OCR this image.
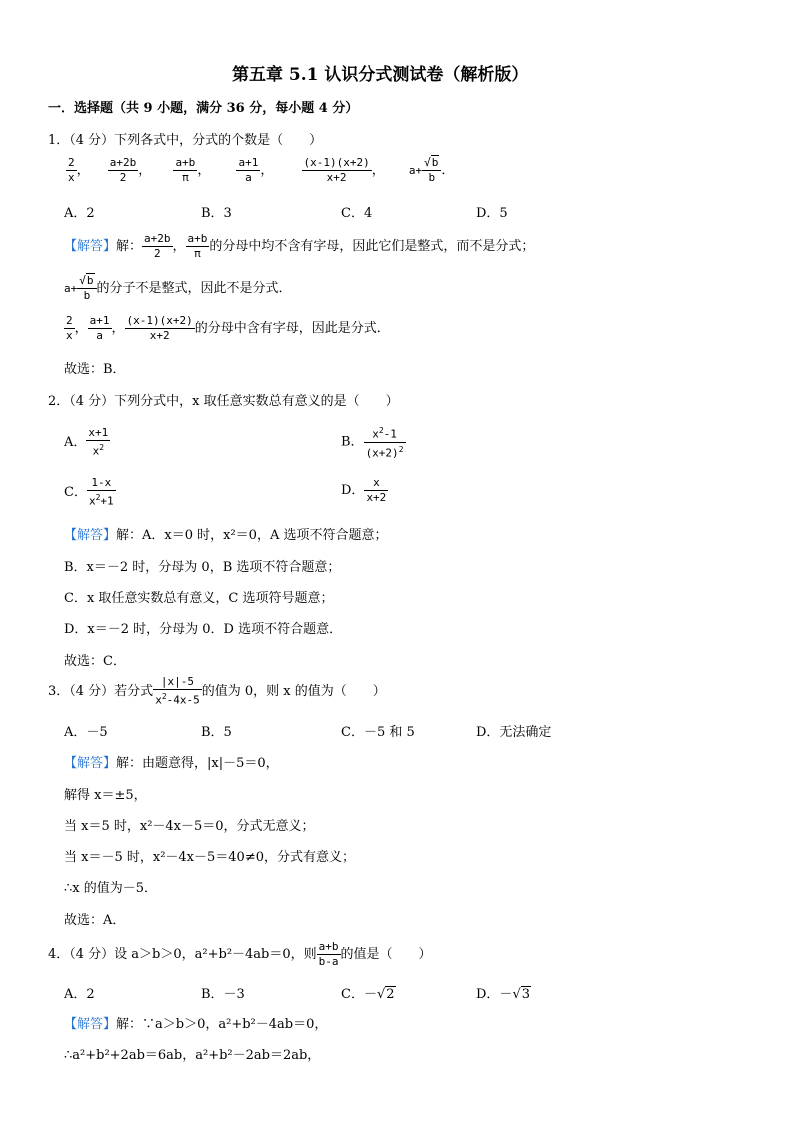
第五章 5.1 认识分式测试卷（解析版）
一．选择题（共 9 小题，满分 36 分，每小题 4 分）
1．（4 分）下列各式中，分式的个数是（　　）
$\frac{2}{x}$ ， $\frac{a+2b}{2}$ ， $\frac{a+b}{\pi}$ ， $\frac{a+1}{a}$ ，	$\frac{(x-1)(x+2)}{x+2}$ ， $a+ \frac{√b}{b}$ ．
A．2	B．3	C．4	D．5
【解答】解： $\frac{a+2b}{2}$ ， $\frac{a+b}{\pi}$ 的分母中均不含有字母，因此它们是整式，而不是分式；
$a+ \frac{√b}{b}$ 的分子不是整式，因此不是分式．
$\frac{2}{x}$ ， $\frac{a+1}{a}$ ， $\frac{(x-1)(x+2)}{x+2}$ 的分母中含有字母，因此是分式．
故选：B．
2．（4 分）下列分式中，x 取任意实数总有意义的是（　　）
A． $\frac{x+1}{x^2}$	B． $\frac{x^2-1}{(x+2)^2}$
C． $\frac{1-x}{x^2+1}$	D． $\frac{x}{x+2}$
【解答】解：A．x＝0 时，x²＝0，A 选项不符合题意；
B．x＝－2 时，分母为 0，B 选项不符合题意；
C．x 取任意实数总有意义，C 选项符号题意；
D．x＝－2 时，分母为 0．D 选项不符合题意．
故选：C．
3．（4 分）若分式 $\frac{|x|-5}{x^2-4x-5}$ 的值为 0，则 x 的值为（　　）
A．－5	B．5	C．－5 和 5	D．无法确定
【解答】解：由题意得，|x|－5＝0，
解得 x＝±5，
当 x＝5 时，x²－4x－5＝0，分式无意义；
当 x＝－5 时，x²－4x－5＝40≠0，分式有意义；
∴x 的值为－5．
故选：A．
4．（4 分）设 a＞b＞0，a²+b²－4ab＝0，则 $\frac{a+b}{b-a}$ 的值是（　　）
A．2	B．－3	C．－√2	D．－√3
【解答】解：∵a＞b＞0，a²+b²－4ab＝0，
∴a²+b²+2ab＝6ab，a²+b²－2ab＝2ab，
